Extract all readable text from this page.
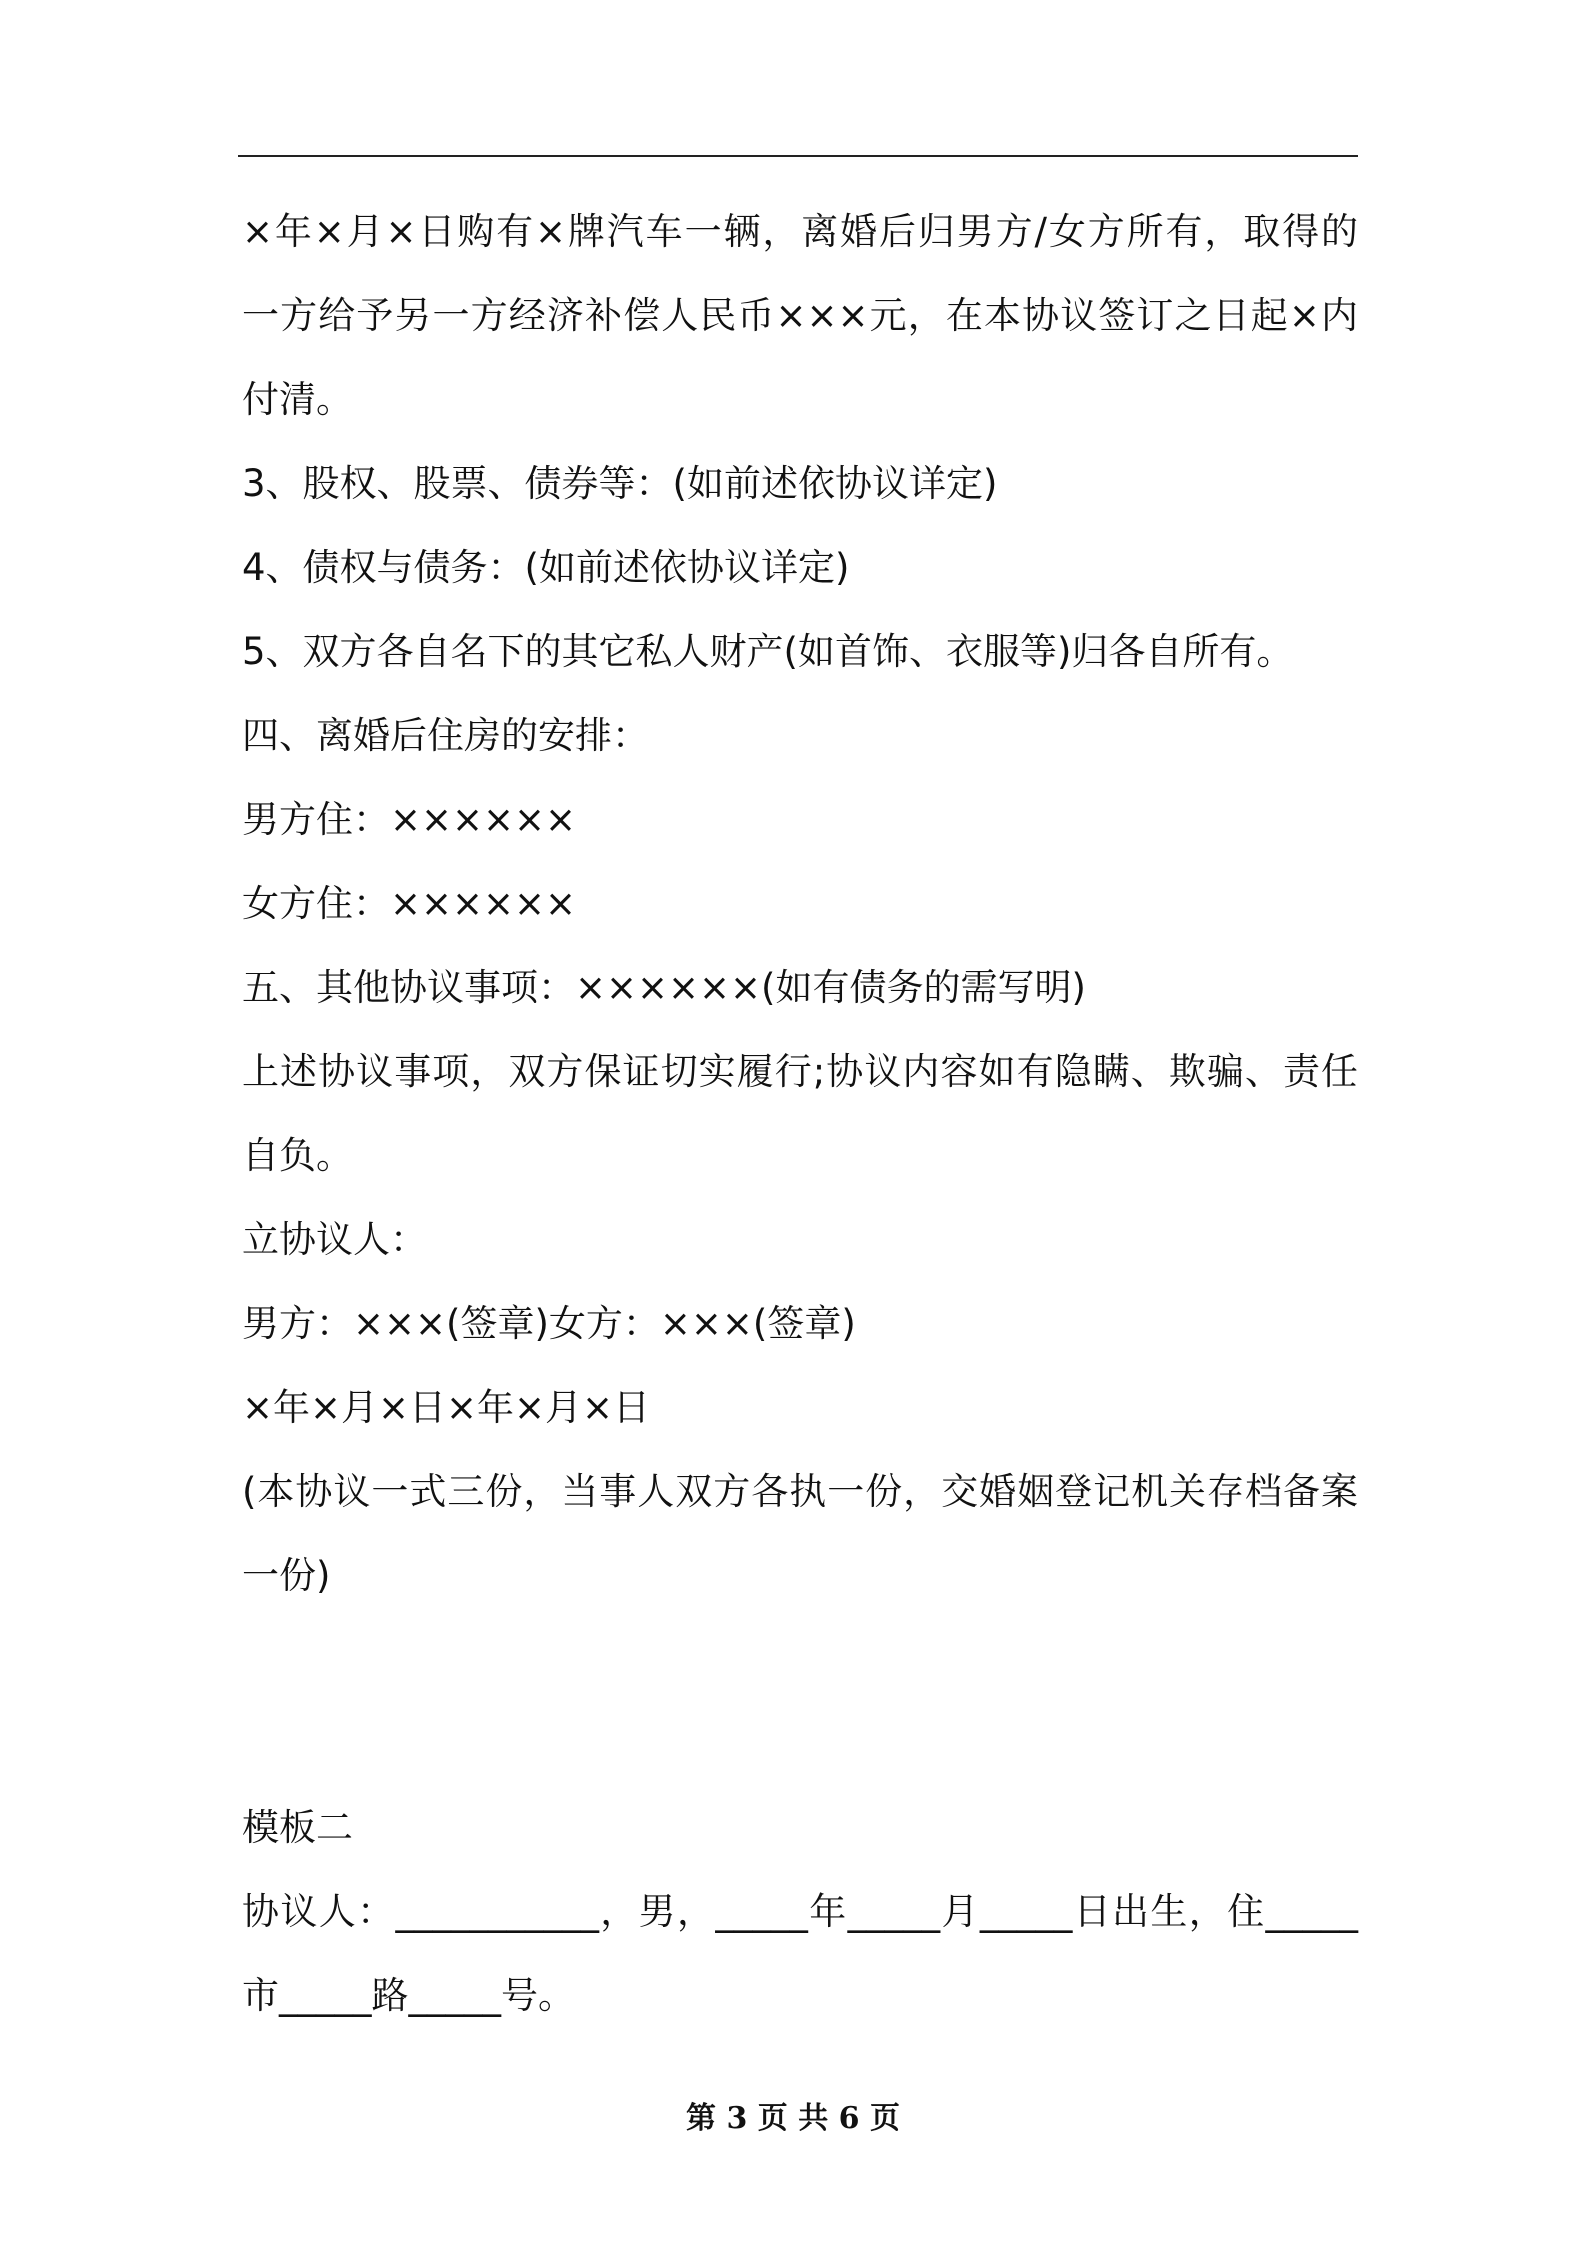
×年×月×日购有×牌汽车一辆，离婚后归男方/女方所有，取得的
一方给予另一方经济补偿人民币×××元，在本协议签订之日起×内
付清。
3、股权、股票、债券等：(如前述依协议详定)
4、债权与债务：(如前述依协议详定)
5、双方各自名下的其它私人财产(如首饰、衣服等)归各自所有。
四、离婚后住房的安排：
男方住：××××××
女方住：××××××
五、其他协议事项：××××××(如有债务的需写明)
上述协议事项，双方保证切实履行;协议内容如有隐瞒、欺骗、责任
自负。
立协议人：
男方：×××(签章)女方：×××(签章)
×年×月×日×年×月×日
(本协议一式三份，当事人双方各执一份，交婚姻登记机关存档备案
一份)
模板二
协议人：___________，男，_____年_____月_____日出生，住_____
市_____路_____号。
第 3 页 共 6 页
